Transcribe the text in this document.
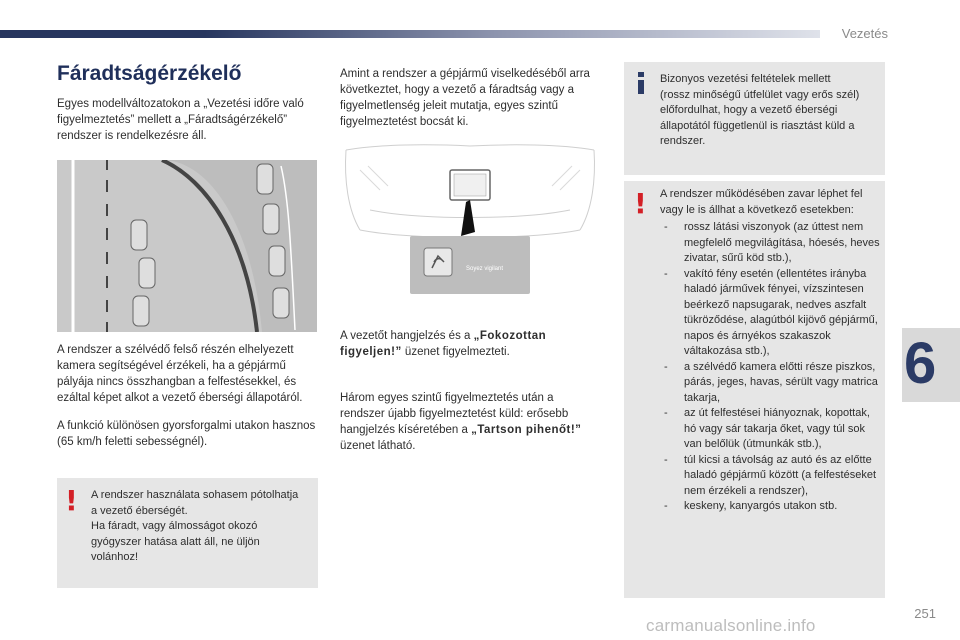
Vezetés
6
Fáradtságérzékelő

Egyes modellváltozatokon a „Vezetési időre való figyelmeztetés” mellett a „Fáradtságérzékelő” rendszer is rendelkezésre áll.

A rendszer a szélvédő felső részén elhelyezett kamera segítségével érzékeli, ha a gépjármű pályája nincs összhangban a felfestésekkel, és ezáltal képet alkot a vezető éberségi állapotáról.

A funkció különösen gyorsforgalmi utakon hasznos (65 km/h feletti sebességnél).

! A rendszer használata sohasem pótolhatja a vezető éberségét.
Ha fáradt, vagy álmosságot okozó gyógyszer hatása alatt áll, ne üljön volánhoz!

Amint a rendszer a gépjármű viselkedéséből arra következtet, hogy a vezető a fáradtság vagy a figyelmetlenség jeleit mutatja, egyes szintű figyelmeztetést bocsát ki.

Soyez vigilant

A vezetőt hangjelzés és a „Fokozottan figyeljen!” üzenet figyelmezteti.

Három egyes szintű figyelmeztetés után a rendszer újabb figyelmeztetést küld: erősebb hangjelzés kíséretében a „Tartson pihenőt!” üzenet látható.

Bizonyos vezetési feltételek mellett (rossz minőségű útfelület vagy erős szél) előfordulhat, hogy a vezető éberségi állapotától függetlenül is riasztást küld a rendszer.
! A rendszer működésében zavar léphet fel vagy le is állhat a következő esetekben:
- rossz látási viszonyok (az úttest nem megfelelő megvilágítása, hóesés, heves zivatar, sűrű köd stb.),
- vakító fény esetén (ellentétes irányba haladó járművek fényei, vízszintesen beérkező napsugarak, nedves aszfalt tükröződése, alagútból kijövő gépjármű, napos és árnyékos szakaszok váltakozása stb.),
- a szélvédő kamera előtti része piszkos, párás, jeges, havas, sérült vagy matrica takarja,
- az út felfestései hiányoznak, kopottak, hó vagy sár takarja őket, vagy túl sok van belőlük (útmunkák stb.),
- túl kicsi a távolság az autó és az előtte haladó gépjármű között (a felfestéseket nem érzékeli a rendszer),
- keskeny, kanyargós utakon stb.
251
carmanualsonline.info
